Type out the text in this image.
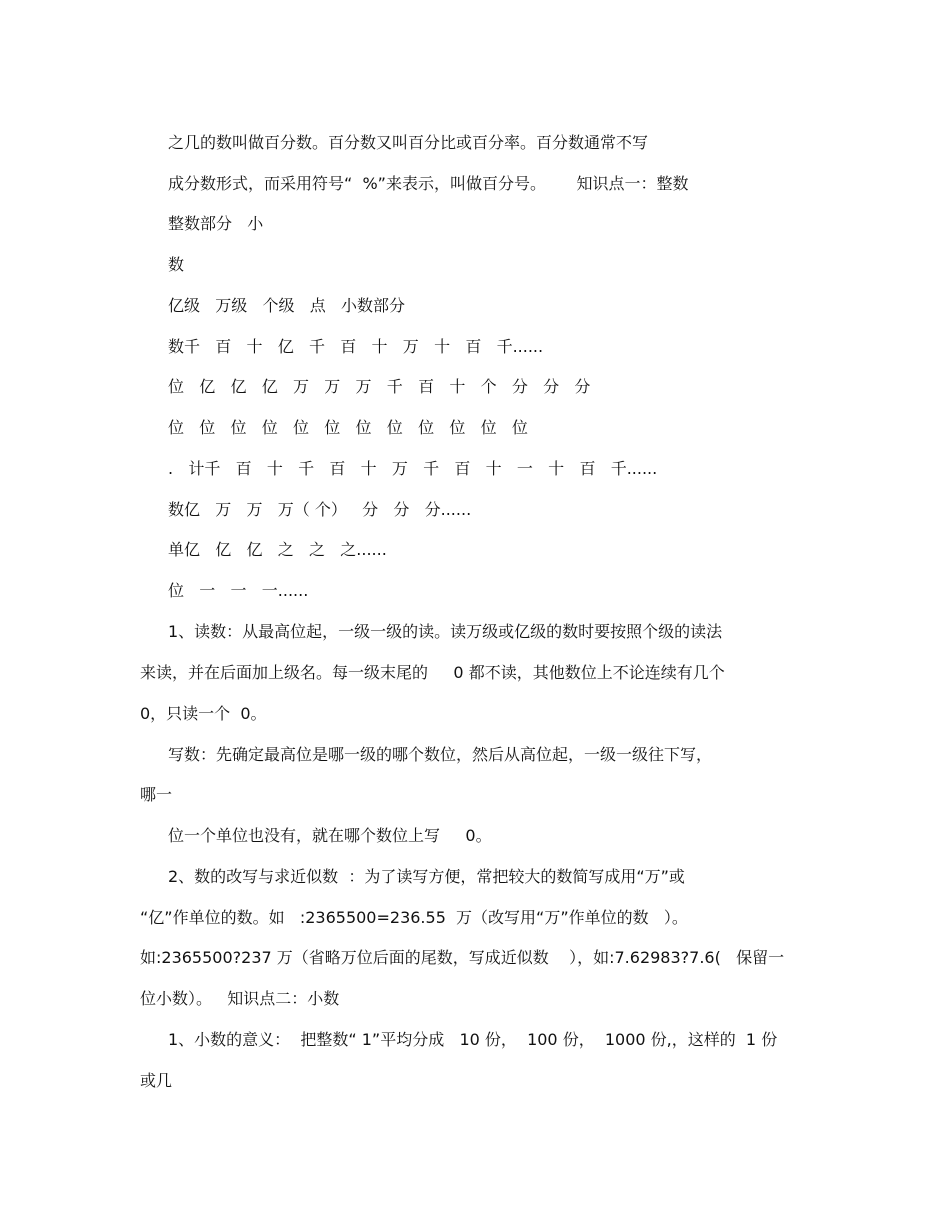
之几的数叫做百分数。百分数又叫百分比或百分率。百分数通常不写
成分数形式，而采用符号“  %”来表示，叫做百分号。      知识点一：整数
整数部分   小
数
亿级   万级   个级   点   小数部分
数千   百   十   亿   千   百   十   万   十   百   千......
位   亿   亿   亿   万   万   万   千   百   十   个   分   分   分
位   位   位   位   位   位   位   位   位   位   位   位
.   计千   百   十   千   百   十   万   千   百   十   一   十   百   千......
数亿   万   万   万（ 个）   分   分   分......
单亿   亿   亿   之   之   之......
位   一   一   一......
1、读数：从最高位起，一级一级的读。读万级或亿级的数时要按照个级的读法
来读，并在后面加上级名。每一级末尾的     0 都不读，其他数位上不论连续有几个
0，只读一个  0。
写数：先确定最高位是哪一级的哪个数位，然后从高位起，一级一级往下写，
哪一
位一个单位也没有，就在哪个数位上写     0。
2、数的改写与求近似数  ：为了读写方便，常把较大的数简写成用“万”或
“亿”作单位的数。如   :2365500=236.55  万（改写用“万”作单位的数   ）。
如:2365500?237 万（省略万位后面的尾数，写成近似数    ），如:7.62983?7.6(   保留一
位小数）。   知识点二：小数
1、小数的意义：  把整数“ 1”平均分成   10 份，  100 份，  1000 份,，这样的  1 份
或几
